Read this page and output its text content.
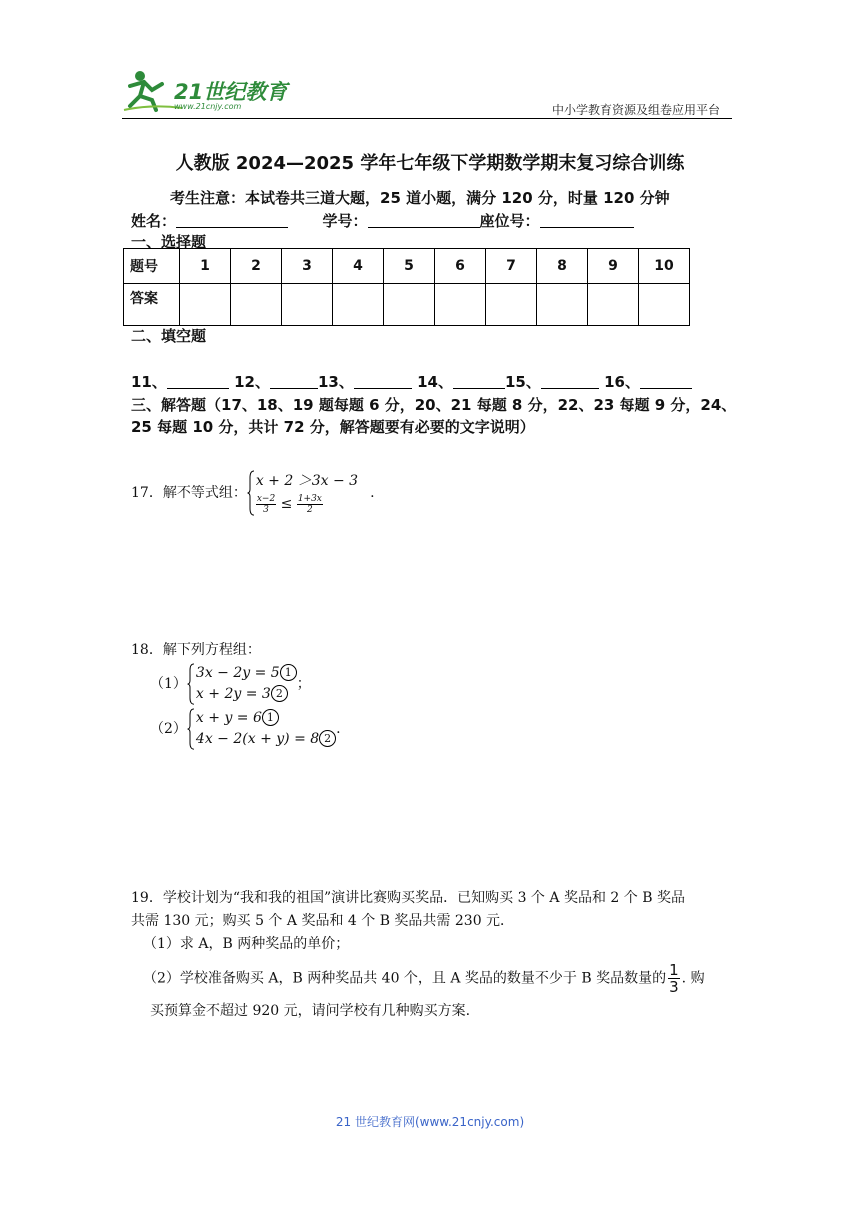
21世纪教育
www.21cnjy.com	中小学教育资源及组卷应用平台
人教版 2024—2025 学年七年级下学期数学期末复习综合训练
考生注意：本试卷共三道大题，25 道小题，满分 120 分，时量 120 分钟
姓名：	学号：	座位号：
一、选择题
题号	1	2	3	4	5	6	7	8	9	10
答案										
二、填空题
11、	12、	13、	14、	15、	16、
三、解答题（17、18、19 题每题 6 分，20、21 每题 8 分，22、23 每题 9 分，24、
25 每题 10 分，共计 72 分，解答题要有必要的文字说明）
17．解不等式组：
x + 2 ＞3x − 3
$\frac{x-2}{3} \le \frac{1+3x}{2}$
.
18．解下列方程组：
（1）
3x − 2y = 5 1
x + 2y = 3 2
；
（2）
x + y = 6 1
4x − 2(x + y) = 8 2
.
19．学校计划为“我和我的祖国”演讲比赛购买奖品．已知购买 3 个 A 奖品和 2 个 B 奖品
共需 130 元；购买 5 个 A 奖品和 4 个 B 奖品共需 230 元．
（1）求 A，B 两种奖品的单价；
（2）学校准备购买 A，B 两种奖品共 40 个，且 A 奖品的数量不少于 B 奖品数量的 $\frac{1}{3}$ . 购
买预算金不超过 920 元，请问学校有几种购买方案.
21 世纪教育网(www.21cnjy.com)
